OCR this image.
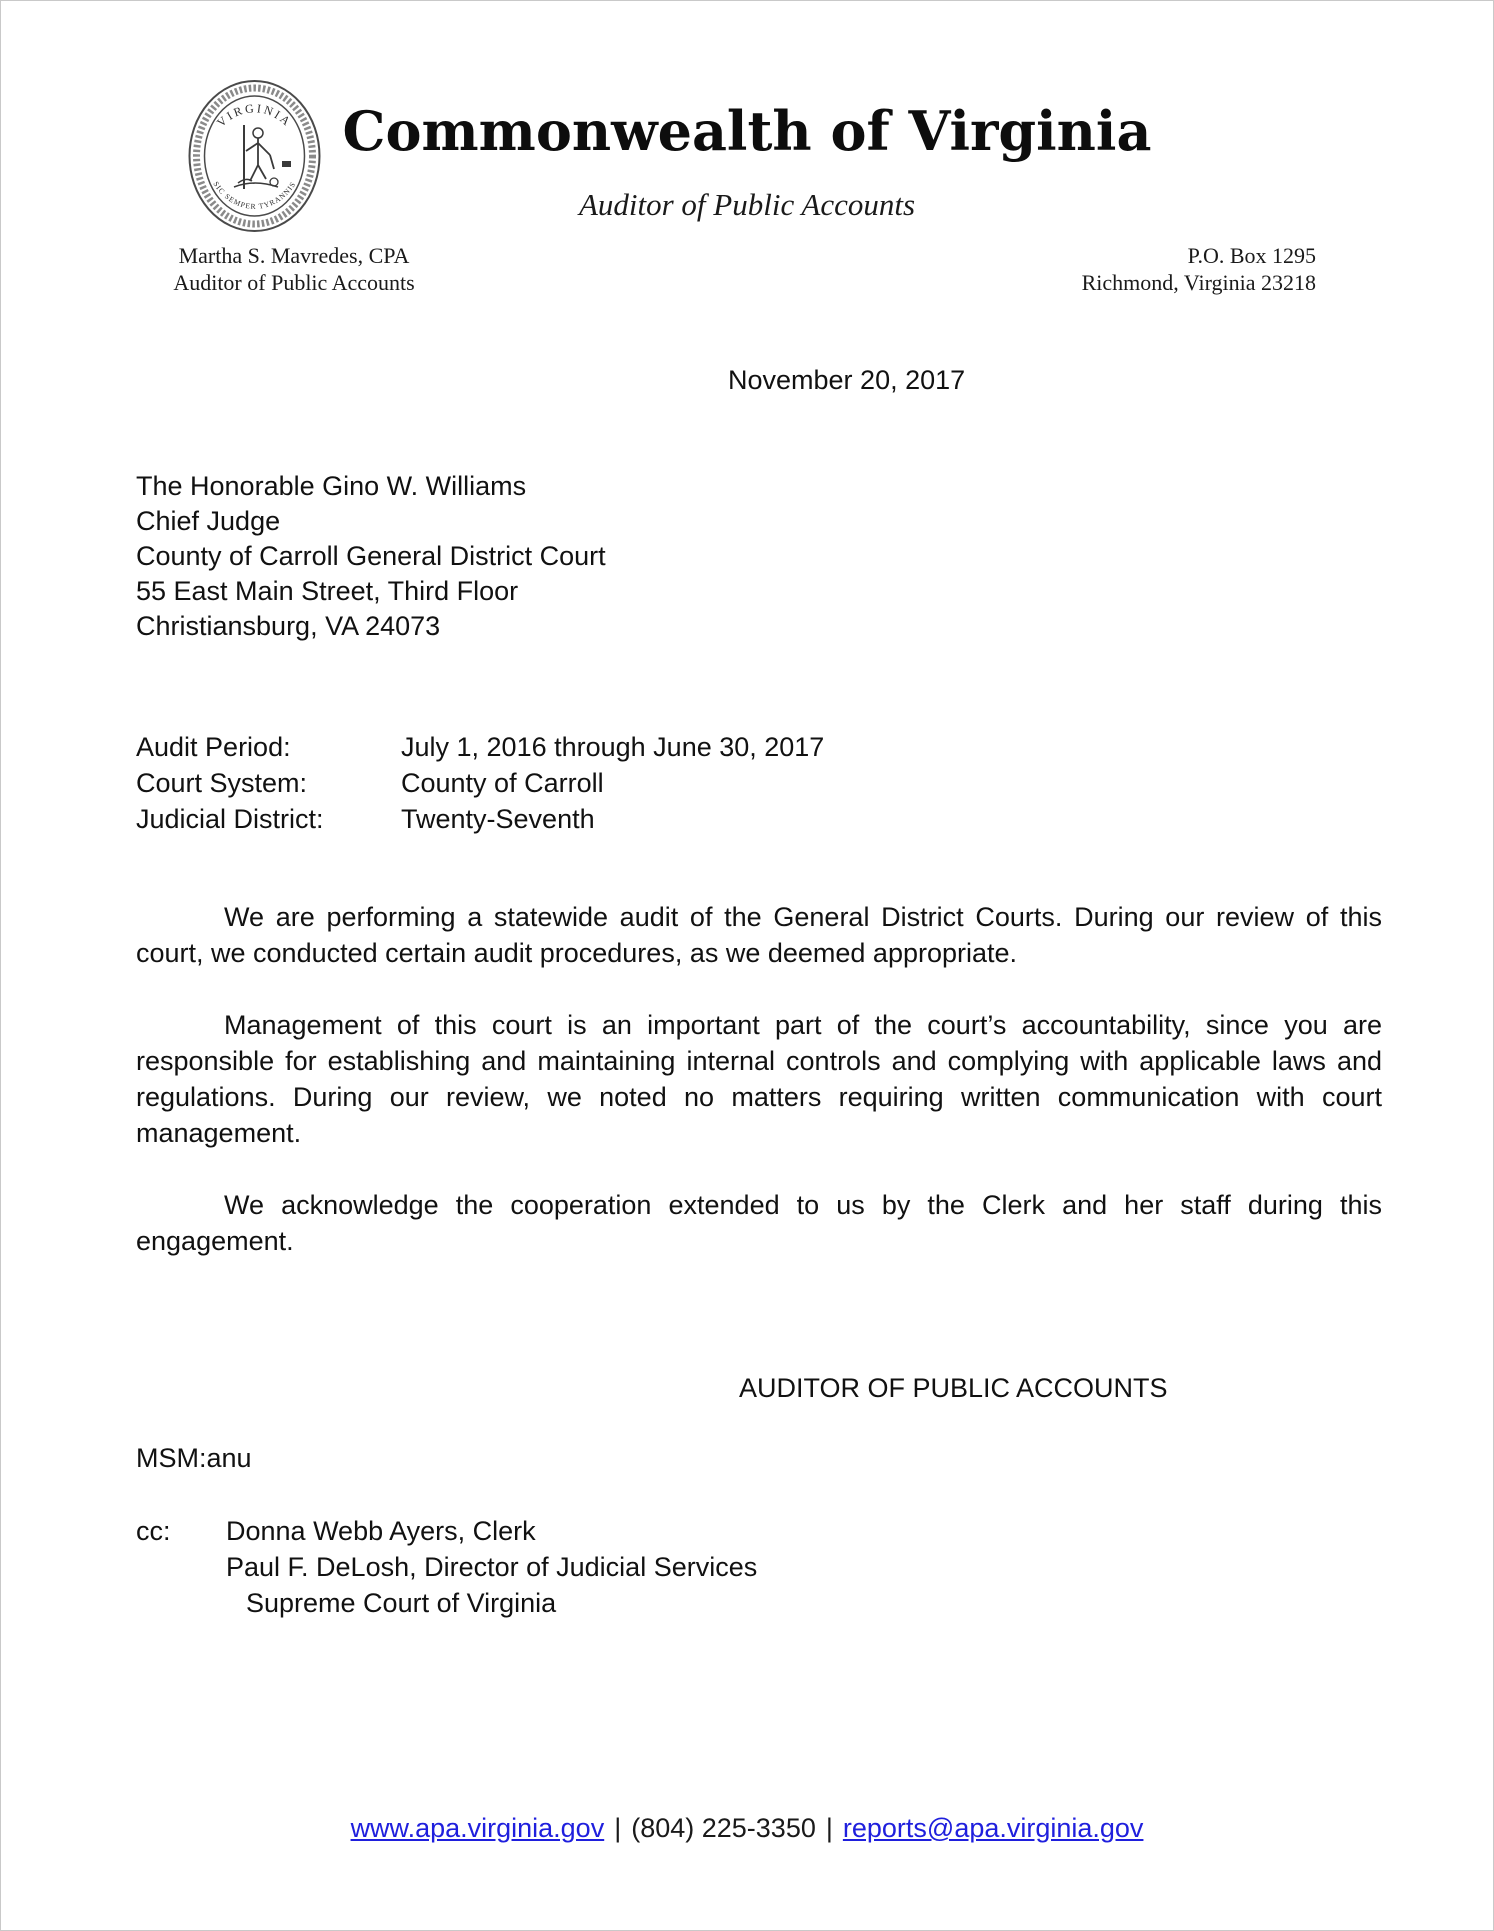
VIRGINIA
SIC SEMPER TYRANNIS
Commonwealth of Virginia
Auditor of Public Accounts
Martha S. Mavredes, CPA
Auditor of Public Accounts
P.O. Box 1295
Richmond, Virginia 23218
November 20, 2017
The Honorable Gino W. Williams
Chief Judge
County of Carroll General District Court
55 East Main Street, Third Floor
Christiansburg, VA 24073
Audit Period:	July 1, 2016 through June 30, 2017
Court System:	County of Carroll
Judicial District:	Twenty-Seventh
We are performing a statewide audit of the General District Courts. During our review of this
court, we conducted certain audit procedures, as we deemed appropriate.
Management of this court is an important part of the court’s accountability, since you are
responsible for establishing and maintaining internal controls and complying with applicable laws and
regulations. During our review, we noted no matters requiring written communication with court
management.
We acknowledge the cooperation extended to us by the Clerk and her staff during this
engagement.
AUDITOR OF PUBLIC ACCOUNTS
MSM:anu
cc:	Donna Webb Ayers, Clerk
Paul F. DeLosh, Director of Judicial Services
Supreme Court of Virginia
www.apa.virginia.gov | (804) 225-3350 | reports@apa.virginia.gov
